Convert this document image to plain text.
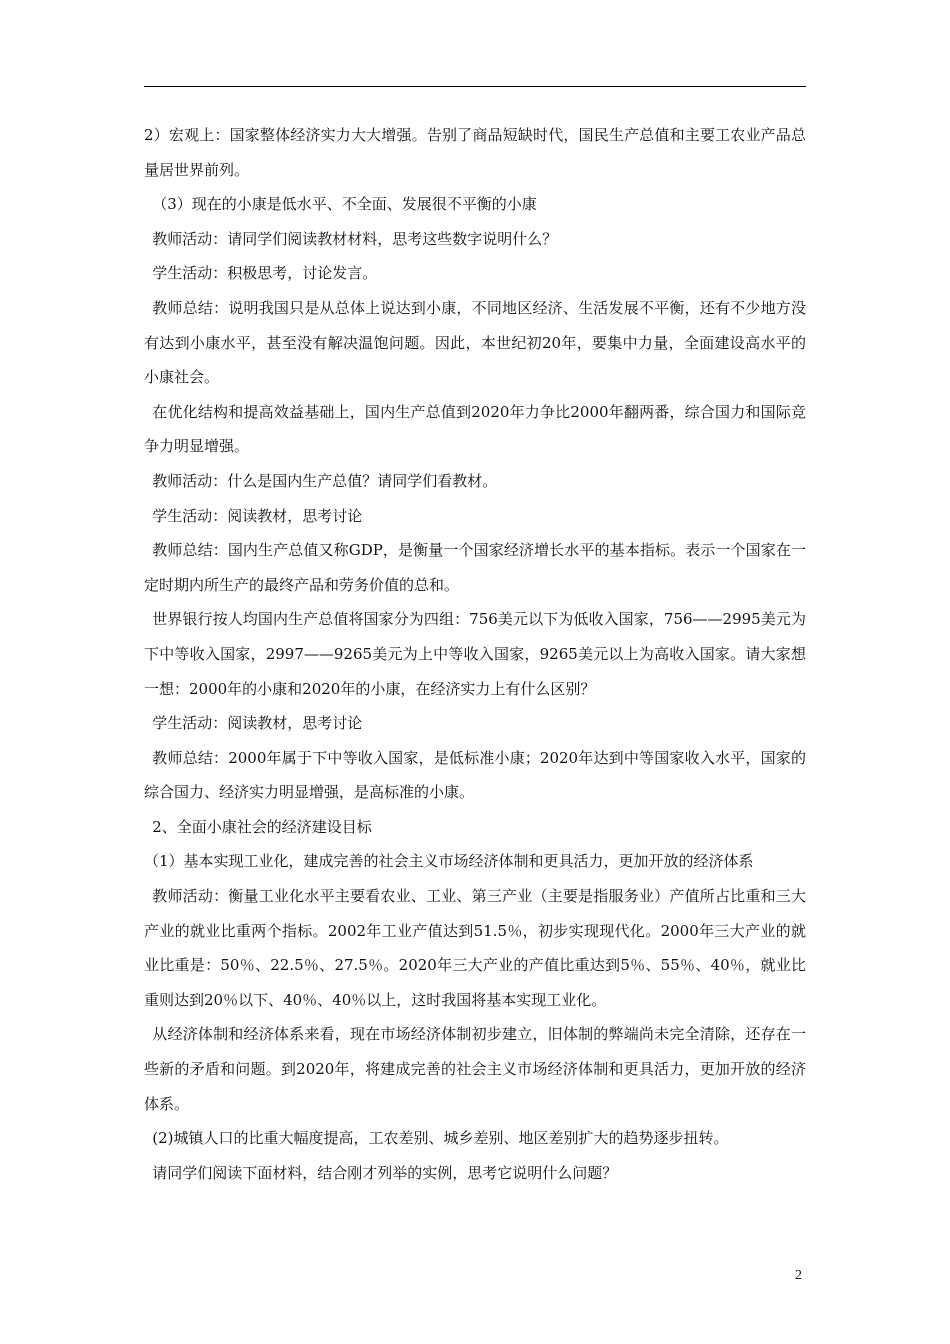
2）宏观上：国家整体经济实力大大增强。告别了商品短缺时代，国民生产总值和主要工农业产品总量居世界前列。

（3）现在的小康是低水平、不全面、发展很不平衡的小康

教师活动：请同学们阅读教材材料，思考这些数字说明什么？

学生活动：积极思考，讨论发言。

教师总结：说明我国只是从总体上说达到小康，不同地区经济、生活发展不平衡，还有不少地方没有达到小康水平，甚至没有解决温饱问题。因此，本世纪初20年，要集中力量，全面建设高水平的小康社会。

在优化结构和提高效益基础上，国内生产总值到2020年力争比2000年翻两番，综合国力和国际竞争力明显增强。

教师活动：什么是国内生产总值？请同学们看教材。

学生活动：阅读教材，思考讨论

教师总结：国内生产总值又称GDP，是衡量一个国家经济增长水平的基本指标。表示一个国家在一定时期内所生产的最终产品和劳务价值的总和。

世界银行按人均国内生产总值将国家分为四组：756美元以下为低收入国家，756——2995美元为下中等收入国家，2997——9265美元为上中等收入国家，9265美元以上为高收入国家。请大家想一想：2000年的小康和2020年的小康，在经济实力上有什么区别？

学生活动：阅读教材，思考讨论

教师总结：2000年属于下中等收入国家，是低标准小康；2020年达到中等国家收入水平，国家的综合国力、经济实力明显增强，是高标准的小康。

2、全面小康社会的经济建设目标

（1）基本实现工业化，建成完善的社会主义市场经济体制和更具活力，更加开放的经济体系

教师活动：衡量工业化水平主要看农业、工业、第三产业（主要是指服务业）产值所占比重和三大产业的就业比重两个指标。2002年工业产值达到51.5％，初步实现现代化。2000年三大产业的就业比重是：50％、22.5％、27.5％。2020年三大产业的产值比重达到5％、55％、40％，就业比重则达到20％以下、40％、40％以上，这时我国将基本实现工业化。

从经济体制和经济体系来看，现在市场经济体制初步建立，旧体制的弊端尚未完全清除，还存在一些新的矛盾和问题。到2020年，将建成完善的社会主义市场经济体制和更具活力，更加开放的经济体系。

(2)城镇人口的比重大幅度提高，工农差别、城乡差别、地区差别扩大的趋势逐步扭转。

请同学们阅读下面材料，结合刚才列举的实例，思考它说明什么问题？

2
